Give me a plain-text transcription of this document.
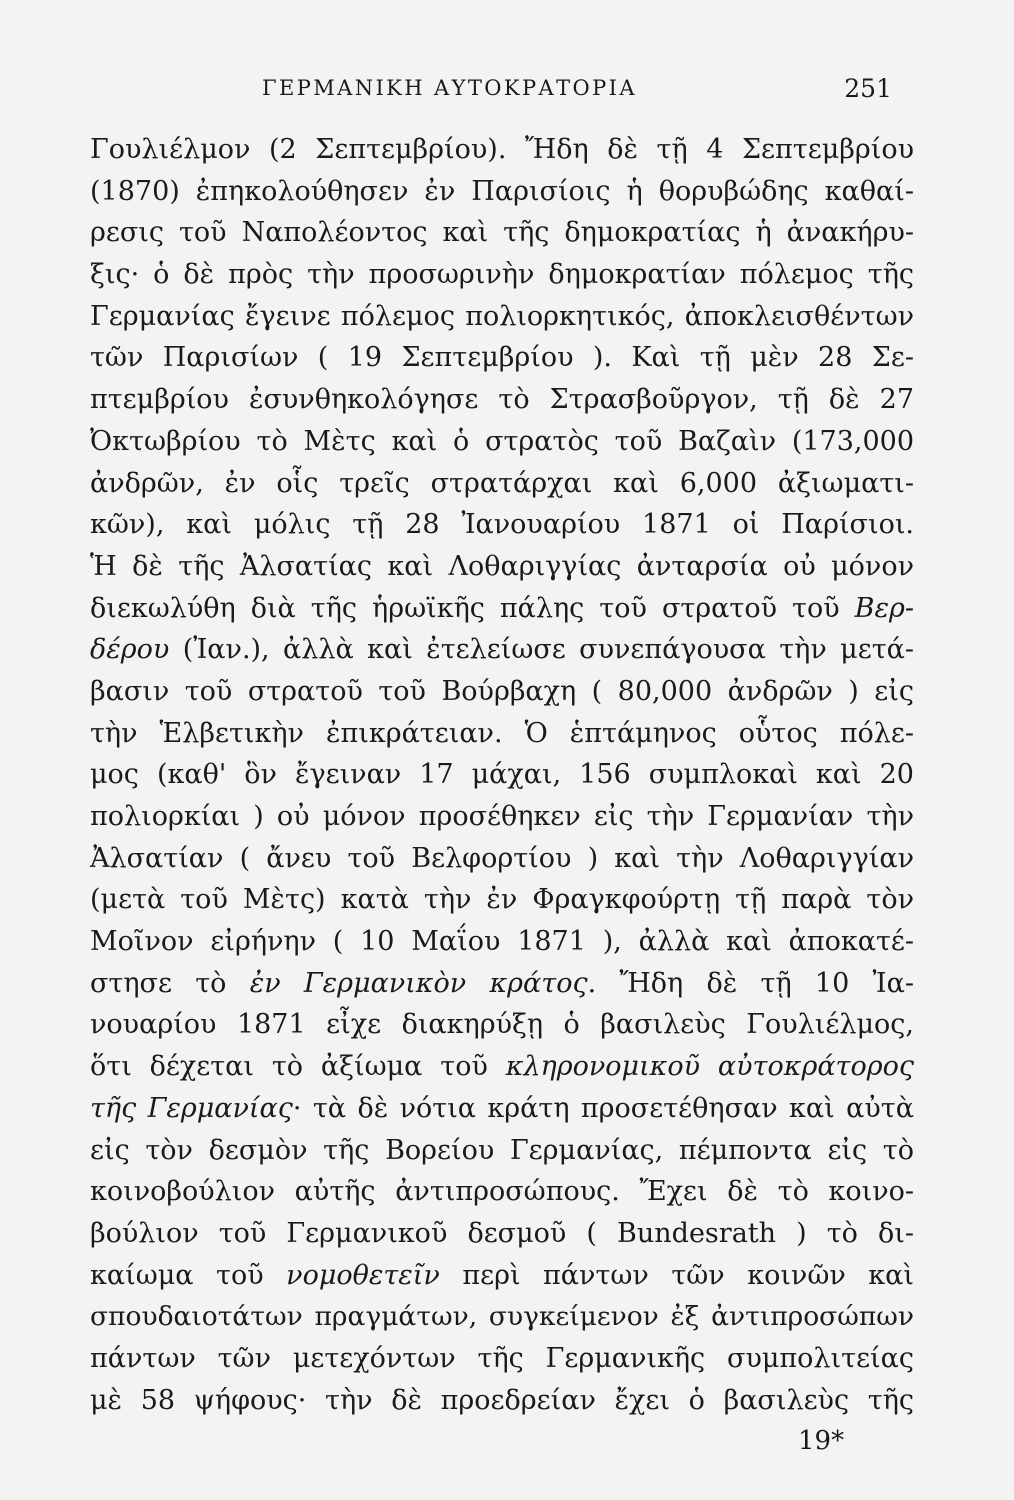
ΓΕΡΜΑΝΙΚΗ ΑΥΤΟΚΡΑΤΟΡΙΑ	251
Γουλιέλμον (2 Σεπτεμβρίου). Ἤδη δὲ τῇ 4 Σεπτεμβρίου
(1870) ἐπηκολούθησεν ἐν Παρισίοις ἡ θορυβώδης καθαί-
ρεσις τοῦ Ναπολέοντος καὶ τῆς δημοκρατίας ἡ ἀνακήρυ-
ξις· ὁ δὲ πρὸς τὴν προσωρινὴν δημοκρατίαν πόλεμος τῆς
Γερμανίας ἔγεινε πόλεμος πολιορκητικός, ἀποκλεισθέντων
τῶν Παρισίων ( 19 Σεπτεμβρίου ). Καὶ τῇ μὲν 28 Σε-
πτεμβρίου ἐσυνθηκολόγησε τὸ Στρασβοῦργον, τῇ δὲ 27
Ὀκτωβρίου τὸ Μὲτς καὶ ὁ στρατὸς τοῦ Βαζαὶν (173,000
ἀνδρῶν, ἐν οἷς τρεῖς στρατάρχαι καὶ 6,000 ἀξιωματι-
κῶν), καὶ μόλις τῇ 28 Ἰανουαρίου 1871 οἱ Παρίσιοι.
Ἡ δὲ τῆς Ἀλσατίας καὶ Λοθαριγγίας ἀνταρσία οὐ μόνον
διεκωλύθη διὰ τῆς ἡρωϊκῆς πάλης τοῦ στρατοῦ τοῦ Βερ-
δέρου (Ἰαν.), ἀλλὰ καὶ ἐτελείωσε συνεπάγουσα τὴν μετά-
βασιν τοῦ στρατοῦ τοῦ Βούρβαχη ( 80,000 ἀνδρῶν ) εἰς
τὴν Ἑλβετικὴν ἐπικράτειαν. Ὁ ἑπτάμηνος οὗτος πόλε-
μος (καθ' ὃν ἔγειναν 17 μάχαι, 156 συμπλοκαὶ καὶ 20
πολιορκίαι ) οὐ μόνον προσέθηκεν εἰς τὴν Γερμανίαν τὴν
Ἀλσατίαν ( ἄνευ τοῦ Βελφορτίου ) καὶ τὴν Λοθαριγγίαν
(μετὰ τοῦ Μὲτς) κατὰ τὴν ἐν Φραγκφούρτῃ τῇ παρὰ τὸν
Μοῖνον εἰρήνην ( 10 Μαΐου 1871 ), ἀλλὰ καὶ ἀποκατέ-
στησε τὸ ἐν Γερμανικὸν κράτος. Ἤδη δὲ τῇ 10 Ἰα-
νουαρίου 1871 εἶχε διακηρύξῃ ὁ βασιλεὺς Γουλιέλμος,
ὅτι δέχεται τὸ ἀξίωμα τοῦ κληρονομικοῦ αὐτοκράτορος
τῆς Γερμανίας· τὰ δὲ νότια κράτη προσετέθησαν καὶ αὐτὰ
εἰς τὸν δεσμὸν τῆς Βορείου Γερμανίας, πέμποντα εἰς τὸ
κοινοβούλιον αὐτῆς ἀντιπροσώπους. Ἔχει δὲ τὸ κοινο-
βούλιον τοῦ Γερμανικοῦ δεσμοῦ ( Bundesrath ) τὸ δι-
καίωμα τοῦ νομοθετεῖν περὶ πάντων τῶν κοινῶν καὶ
σπουδαιοτάτων πραγμάτων, συγκείμενον ἐξ ἀντιπροσώπων
πάντων τῶν μετεχόντων τῆς Γερμανικῆς συμπολιτείας
μὲ 58 ψήφους· τὴν δὲ προεδρείαν ἔχει ὁ βασιλεὺς τῆς
19*
